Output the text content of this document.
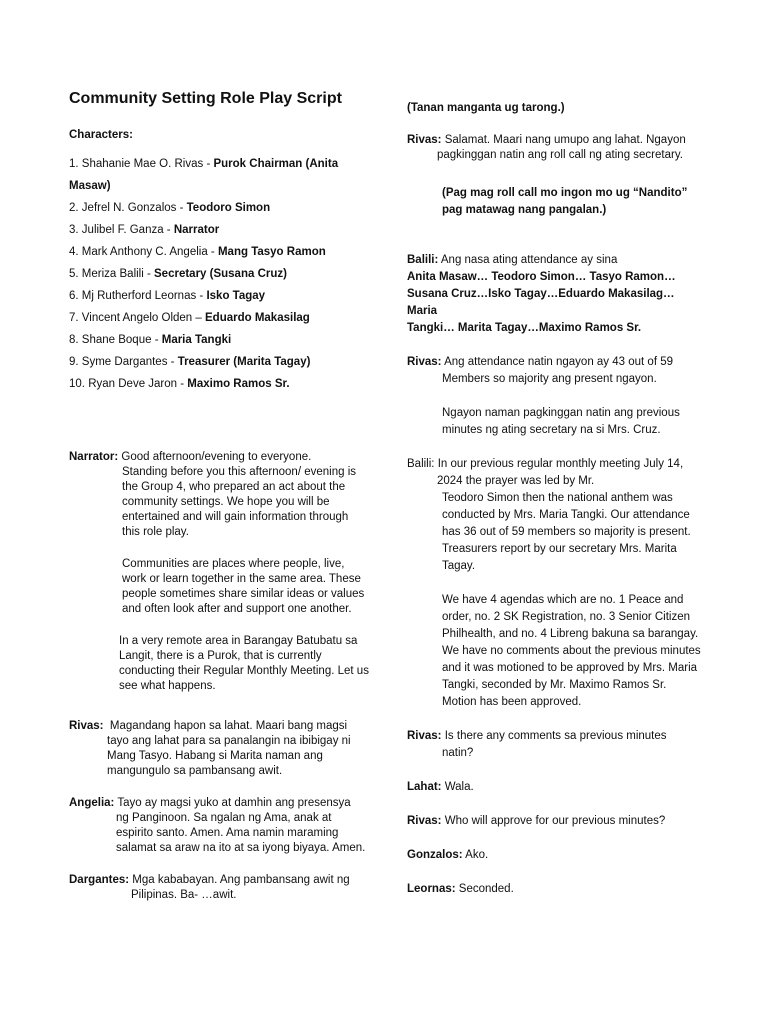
Community Setting Role Play Script
Characters:
1. Shahanie Mae O. Rivas - Purok Chairman (Anita Masaw)
2. Jefrel N. Gonzalos - Teodoro Simon
3. Julibel F. Ganza - Narrator
4. Mark Anthony C. Angelia - Mang Tasyo Ramon
5. Meriza Balili - Secretary (Susana Cruz)
6. Mj Rutherford Leornas - Isko Tagay
7. Vincent Angelo Olden – Eduardo Makasilag
8. Shane Boque - Maria Tangki
9. Syme Dargantes - Treasurer (Marita Tagay)
10. Ryan Deve Jaron - Maximo Ramos Sr.

Narrator: Good afternoon/evening to everyone.

Standing before you this afternoon/ evening is the Group 4, who prepared an act about the community settings. We hope you will be entertained and will gain information through this role play.

Communities are places where people, live, work or learn together in the same area. These people sometimes share similar ideas or values and often look after and support one another.

In a very remote area in Barangay Batubatu sa Langit, there is a Purok, that is currently conducting their Regular Monthly Meeting. Let us see what happens.

Rivas: Magandang hapon sa lahat. Maari bang magsi

tayo ang lahat para sa panalangin na ibibigay ni Mang Tasyo. Habang si Marita naman ang mangungulo sa pambansang awit.

Angelia: Tayo ay magsi yuko at damhin ang presensya

ng Panginoon. Sa ngalan ng Ama, anak at espirito santo. Amen. Ama namin maraming salamat sa araw na ito at sa iyong biyaya. Amen.

Dargantes: Mga kababayan. Ang pambansang awit ng

Pilipinas. Ba- …awit.

(Tanan manganta ug tarong.)

Rivas: Salamat. Maari nang umupo ang lahat. Ngayon

pagkinggan natin ang roll call ng ating secretary.

(Pag mag roll call mo ingon mo ug “Nandito” pag matawag nang pangalan.)

Balili: Ang nasa ating attendance ay sina

Anita Masaw… Teodoro Simon… Tasyo Ramon…

Susana Cruz…Isko Tagay…Eduardo Makasilag…Maria

Tangki… Marita Tagay…Maximo Ramos Sr.

Rivas: Ang attendance natin ngayon ay 43 out of 59

Members so majority ang present ngayon.

Ngayon naman pagkinggan natin ang previous minutes ng ating secretary na si Mrs. Cruz.

Balili: In our previous regular monthly meeting July 14,

2024 the prayer was led by Mr.

Teodoro Simon then the national anthem was conducted by Mrs. Maria Tangki. Our attendance has 36 out of 59 members so majority is present. Treasurers report by our secretary Mrs. Marita Tagay.

We have 4 agendas which are no. 1 Peace and order, no. 2 SK Registration, no. 3 Senior Citizen Philhealth, and no. 4 Libreng bakuna sa barangay. We have no comments about the previous minutes and it was motioned to be approved by Mrs. Maria Tangki, seconded by Mr. Maximo Ramos Sr. Motion has been approved.

Rivas: Is there any comments sa previous minutes

natin?

Lahat: Wala.

Rivas: Who will approve for our previous minutes?

Gonzalos: Ako.

Leornas: Seconded.
